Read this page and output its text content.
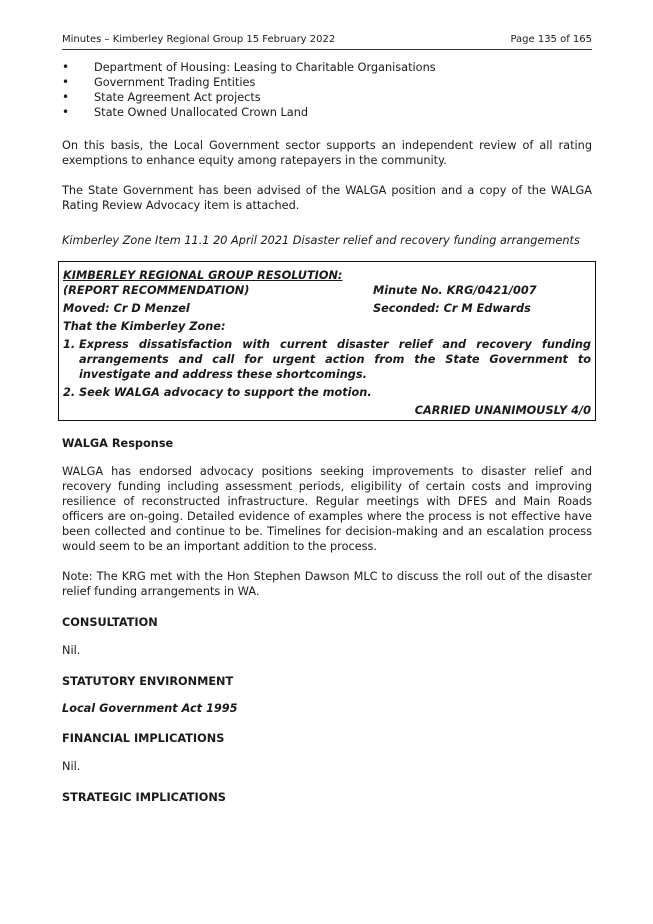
Minutes – Kimberley Regional Group 15 February 2022	Page 135 of 165
•	Department of Housing: Leasing to Charitable Organisations
•	Government Trading Entities
•	State Agreement Act projects
•	State Owned Unallocated Crown Land

On this basis, the Local Government sector supports an independent review of all rating exemptions to enhance equity among ratepayers in the community.

The State Government has been advised of the WALGA position and a copy of the WALGA Rating Review Advocacy item is attached.

Kimberley Zone Item 11.1 20 April 2021 Disaster relief and recovery funding arrangements

KIMBERLEY REGIONAL GROUP RESOLUTION:
(REPORT RECOMMENDATION)	Minute No. KRG/0421/007
Moved: Cr D Menzel	Seconded: Cr M Edwards
That the Kimberley Zone:
1. Express dissatisfaction with current disaster relief and recovery funding arrangements and call for urgent action from the State Government to investigate and address these shortcomings.
2. Seek WALGA advocacy to support the motion.
CARRIED UNANIMOUSLY 4/0
WALGA Response

WALGA has endorsed advocacy positions seeking improvements to disaster relief and recovery funding including assessment periods, eligibility of certain costs and improving resilience of reconstructed infrastructure. Regular meetings with DFES and Main Roads officers are on-going. Detailed evidence of examples where the process is not effective have been collected and continue to be. Timelines for decision-making and an escalation process would seem to be an important addition to the process.

Note: The KRG met with the Hon Stephen Dawson MLC to discuss the roll out of the disaster relief funding arrangements in WA.

CONSULTATION

Nil.

STATUTORY ENVIRONMENT
Local Government Act 1995
FINANCIAL IMPLICATIONS

Nil.

STRATEGIC IMPLICATIONS
